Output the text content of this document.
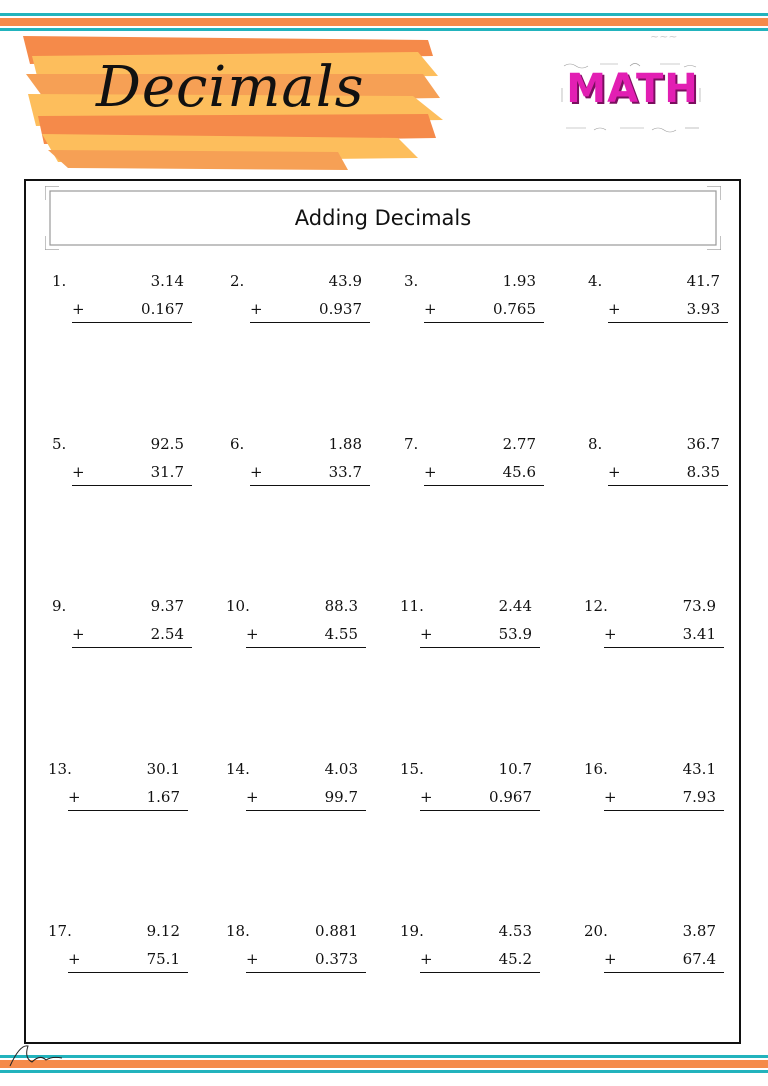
Decimals
~~~
MATH
Adding Decimals
1.	3.14
+	0.167
2.	43.9
+	0.937
3.	1.93
+	0.765
4.	41.7
+	3.93
5.	92.5
+	31.7
6.	1.88
+	33.7
7.	2.77
+	45.6
8.	36.7
+	8.35
9.	9.37
+	2.54
10.	88.3
+	4.55
11.	2.44
+	53.9
12.	73.9
+	3.41
13.	30.1
+	1.67
14.	4.03
+	99.7
15.	10.7
+	0.967
16.	43.1
+	7.93
17.	9.12
+	75.1
18.	0.881
+	0.373
19.	4.53
+	45.2
20.	3.87
+	67.4
